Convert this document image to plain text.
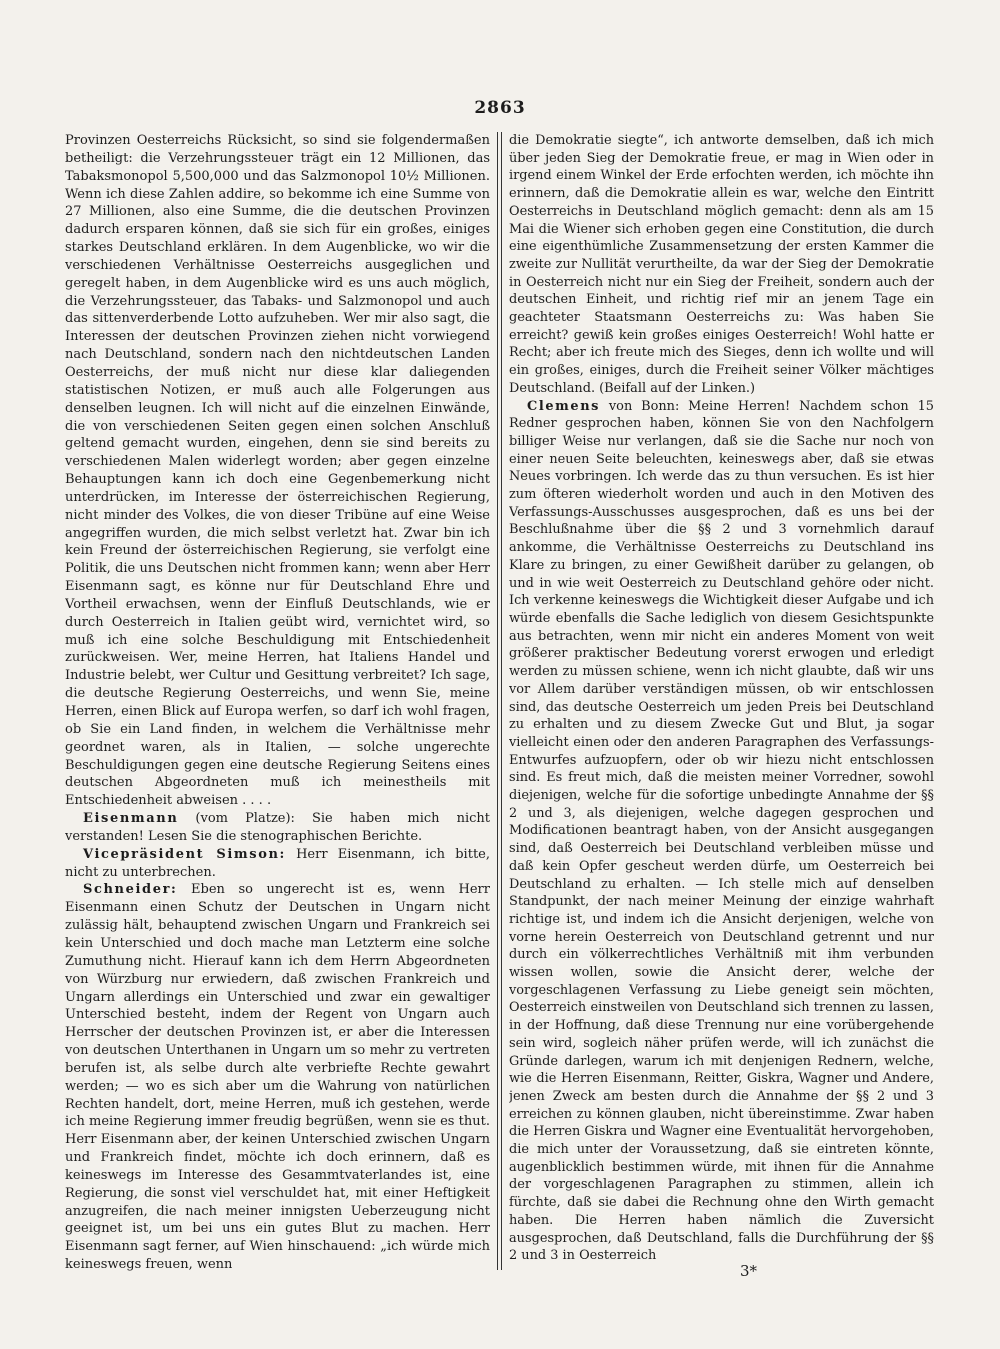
2863

Provinzen Oesterreichs Rücksicht, so sind sie folgendermaßen betheiligt: die Verzehrungssteuer trägt ein 12 Millionen, das Tabaksmonopol 5,500,000 und das Salzmonopol 10½ Millionen. Wenn ich diese Zahlen addire, so bekomme ich eine Summe von 27 Millionen, also eine Summe, die die deutschen Provinzen dadurch ersparen können, daß sie sich für ein großes, einiges starkes Deutschland erklären. In dem Augenblicke, wo wir die verschiedenen Verhältnisse Oesterreichs ausgeglichen und geregelt haben, in dem Augenblicke wird es uns auch möglich, die Verzehrungssteuer, das Tabaks- und Salzmonopol und auch das sittenverderbende Lotto aufzuheben. Wer mir also sagt, die Interessen der deutschen Provinzen ziehen nicht vorwiegend nach Deutschland, sondern nach den nichtdeutschen Landen Oesterreichs, der muß nicht nur diese klar daliegenden statistischen Notizen, er muß auch alle Folgerungen aus denselben leugnen. Ich will nicht auf die einzelnen Einwände, die von verschiedenen Seiten gegen einen solchen Anschluß geltend gemacht wurden, eingehen, denn sie sind bereits zu verschiedenen Malen widerlegt worden; aber gegen einzelne Behauptungen kann ich doch eine Gegenbemerkung nicht unterdrücken, im Interesse der österreichischen Regierung, nicht minder des Volkes, die von dieser Tribüne auf eine Weise angegriffen wurden, die mich selbst verletzt hat. Zwar bin ich kein Freund der österreichischen Regierung, sie verfolgt eine Politik, die uns Deutschen nicht frommen kann; wenn aber Herr Eisenmann sagt, es könne nur für Deutschland Ehre und Vortheil erwachsen, wenn der Einfluß Deutschlands, wie er durch Oesterreich in Italien geübt wird, vernichtet wird, so muß ich eine solche Beschuldigung mit Entschiedenheit zurückweisen. Wer, meine Herren, hat Italiens Handel und Industrie belebt, wer Cultur und Gesittung verbreitet? Ich sage, die deutsche Regierung Oesterreichs, und wenn Sie, meine Herren, einen Blick auf Europa werfen, so darf ich wohl fragen, ob Sie ein Land finden, in welchem die Verhältnisse mehr geordnet waren, als in Italien, — solche ungerechte Beschuldigungen gegen eine deutsche Regierung Seitens eines deutschen Abgeordneten muß ich meinestheils mit Entschiedenheit abweisen . . . .

Eisenmann (vom Platze): Sie haben mich nicht verstanden! Lesen Sie die stenographischen Berichte.

Vicepräsident Simson: Herr Eisenmann, ich bitte, nicht zu unterbrechen.

Schneider: Eben so ungerecht ist es, wenn Herr Eisenmann einen Schutz der Deutschen in Ungarn nicht zulässig hält, behauptend zwischen Ungarn und Frankreich sei kein Unterschied und doch mache man Letzterm eine solche Zumuthung nicht. Hierauf kann ich dem Herrn Abgeordneten von Würzburg nur erwiedern, daß zwischen Frankreich und Ungarn allerdings ein Unterschied und zwar ein gewaltiger Unterschied besteht, indem der Regent von Ungarn auch Herrscher der deutschen Provinzen ist, er aber die Interessen von deutschen Unterthanen in Ungarn um so mehr zu vertreten berufen ist, als selbe durch alte verbriefte Rechte gewahrt werden; — wo es sich aber um die Wahrung von natürlichen Rechten handelt, dort, meine Herren, muß ich gestehen, werde ich meine Regierung immer freudig begrüßen, wenn sie es thut. Herr Eisenmann aber, der keinen Unterschied zwischen Ungarn und Frankreich findet, möchte ich doch erinnern, daß es keineswegs im Interesse des Gesammtvaterlandes ist, eine Regierung, die sonst viel verschuldet hat, mit einer Heftigkeit anzugreifen, die nach meiner innigsten Ueberzeugung nicht geeignet ist, um bei uns ein gutes Blut zu machen. Herr Eisenmann sagt ferner, auf Wien hinschauend: „ich würde mich keineswegs freuen, wenn

die Demokratie siegte“, ich antworte demselben, daß ich mich über jeden Sieg der Demokratie freue, er mag in Wien oder in irgend einem Winkel der Erde erfochten werden, ich möchte ihn erinnern, daß die Demokratie allein es war, welche den Eintritt Oesterreichs in Deutschland möglich gemacht: denn als am 15 Mai die Wiener sich erhoben gegen eine Constitution, die durch eine eigenthümliche Zusammensetzung der ersten Kammer die zweite zur Nullität verurtheilte, da war der Sieg der Demokratie in Oesterreich nicht nur ein Sieg der Freiheit, sondern auch der deutschen Einheit, und richtig rief mir an jenem Tage ein geachteter Staatsmann Oesterreichs zu: Was haben Sie erreicht? gewiß kein großes einiges Oesterreich! Wohl hatte er Recht; aber ich freute mich des Sieges, denn ich wollte und will ein großes, einiges, durch die Freiheit seiner Völker mächtiges Deutschland. (Beifall auf der Linken.)

Clemens von Bonn: Meine Herren! Nachdem schon 15 Redner gesprochen haben, können Sie von den Nachfolgern billiger Weise nur verlangen, daß sie die Sache nur noch von einer neuen Seite beleuchten, keineswegs aber, daß sie etwas Neues vorbringen. Ich werde das zu thun versuchen. Es ist hier zum öfteren wiederholt worden und auch in den Motiven des Verfassungs-Ausschusses ausgesprochen, daß es uns bei der Beschlußnahme über die §§ 2 und 3 vornehmlich darauf ankomme, die Verhältnisse Oesterreichs zu Deutschland ins Klare zu bringen, zu einer Gewißheit darüber zu gelangen, ob und in wie weit Oesterreich zu Deutschland gehöre oder nicht. Ich verkenne keineswegs die Wichtigkeit dieser Aufgabe und ich würde ebenfalls die Sache lediglich von diesem Gesichtspunkte aus betrachten, wenn mir nicht ein anderes Moment von weit größerer praktischer Bedeutung vorerst erwogen und erledigt werden zu müssen schiene, wenn ich nicht glaubte, daß wir uns vor Allem darüber verständigen müssen, ob wir entschlossen sind, das deutsche Oesterreich um jeden Preis bei Deutschland zu erhalten und zu diesem Zwecke Gut und Blut, ja sogar vielleicht einen oder den anderen Paragraphen des Verfassungs-Entwurfes aufzuopfern, oder ob wir hiezu nicht entschlossen sind. Es freut mich, daß die meisten meiner Vorredner, sowohl diejenigen, welche für die sofortige unbedingte Annahme der §§ 2 und 3, als diejenigen, welche dagegen gesprochen und Modificationen beantragt haben, von der Ansicht ausgegangen sind, daß Oesterreich bei Deutschland verbleiben müsse und daß kein Opfer gescheut werden dürfe, um Oesterreich bei Deutschland zu erhalten. — Ich stelle mich auf denselben Standpunkt, der nach meiner Meinung der einzige wahrhaft richtige ist, und indem ich die Ansicht derjenigen, welche von vorne herein Oesterreich von Deutschland getrennt und nur durch ein völkerrechtliches Verhältniß mit ihm verbunden wissen wollen, sowie die Ansicht derer, welche der vorgeschlagenen Verfassung zu Liebe geneigt sein möchten, Oesterreich einstweilen von Deutschland sich trennen zu lassen, in der Hoffnung, daß diese Trennung nur eine vorübergehende sein wird, sogleich näher prüfen werde, will ich zunächst die Gründe darlegen, warum ich mit denjenigen Rednern, welche, wie die Herren Eisenmann, Reitter, Giskra, Wagner und Andere, jenen Zweck am besten durch die Annahme der §§ 2 und 3 erreichen zu können glauben, nicht übereinstimme. Zwar haben die Herren Giskra und Wagner eine Eventualität hervorgehoben, die mich unter der Voraussetzung, daß sie eintreten könnte, augenblicklich bestimmen würde, mit ihnen für die Annahme der vorgeschlagenen Paragraphen zu stimmen, allein ich fürchte, daß sie dabei die Rechnung ohne den Wirth gemacht haben. Die Herren haben nämlich die Zuversicht ausgesprochen, daß Deutschland, falls die Durchführung der §§ 2 und 3 in Oesterreich

3*
